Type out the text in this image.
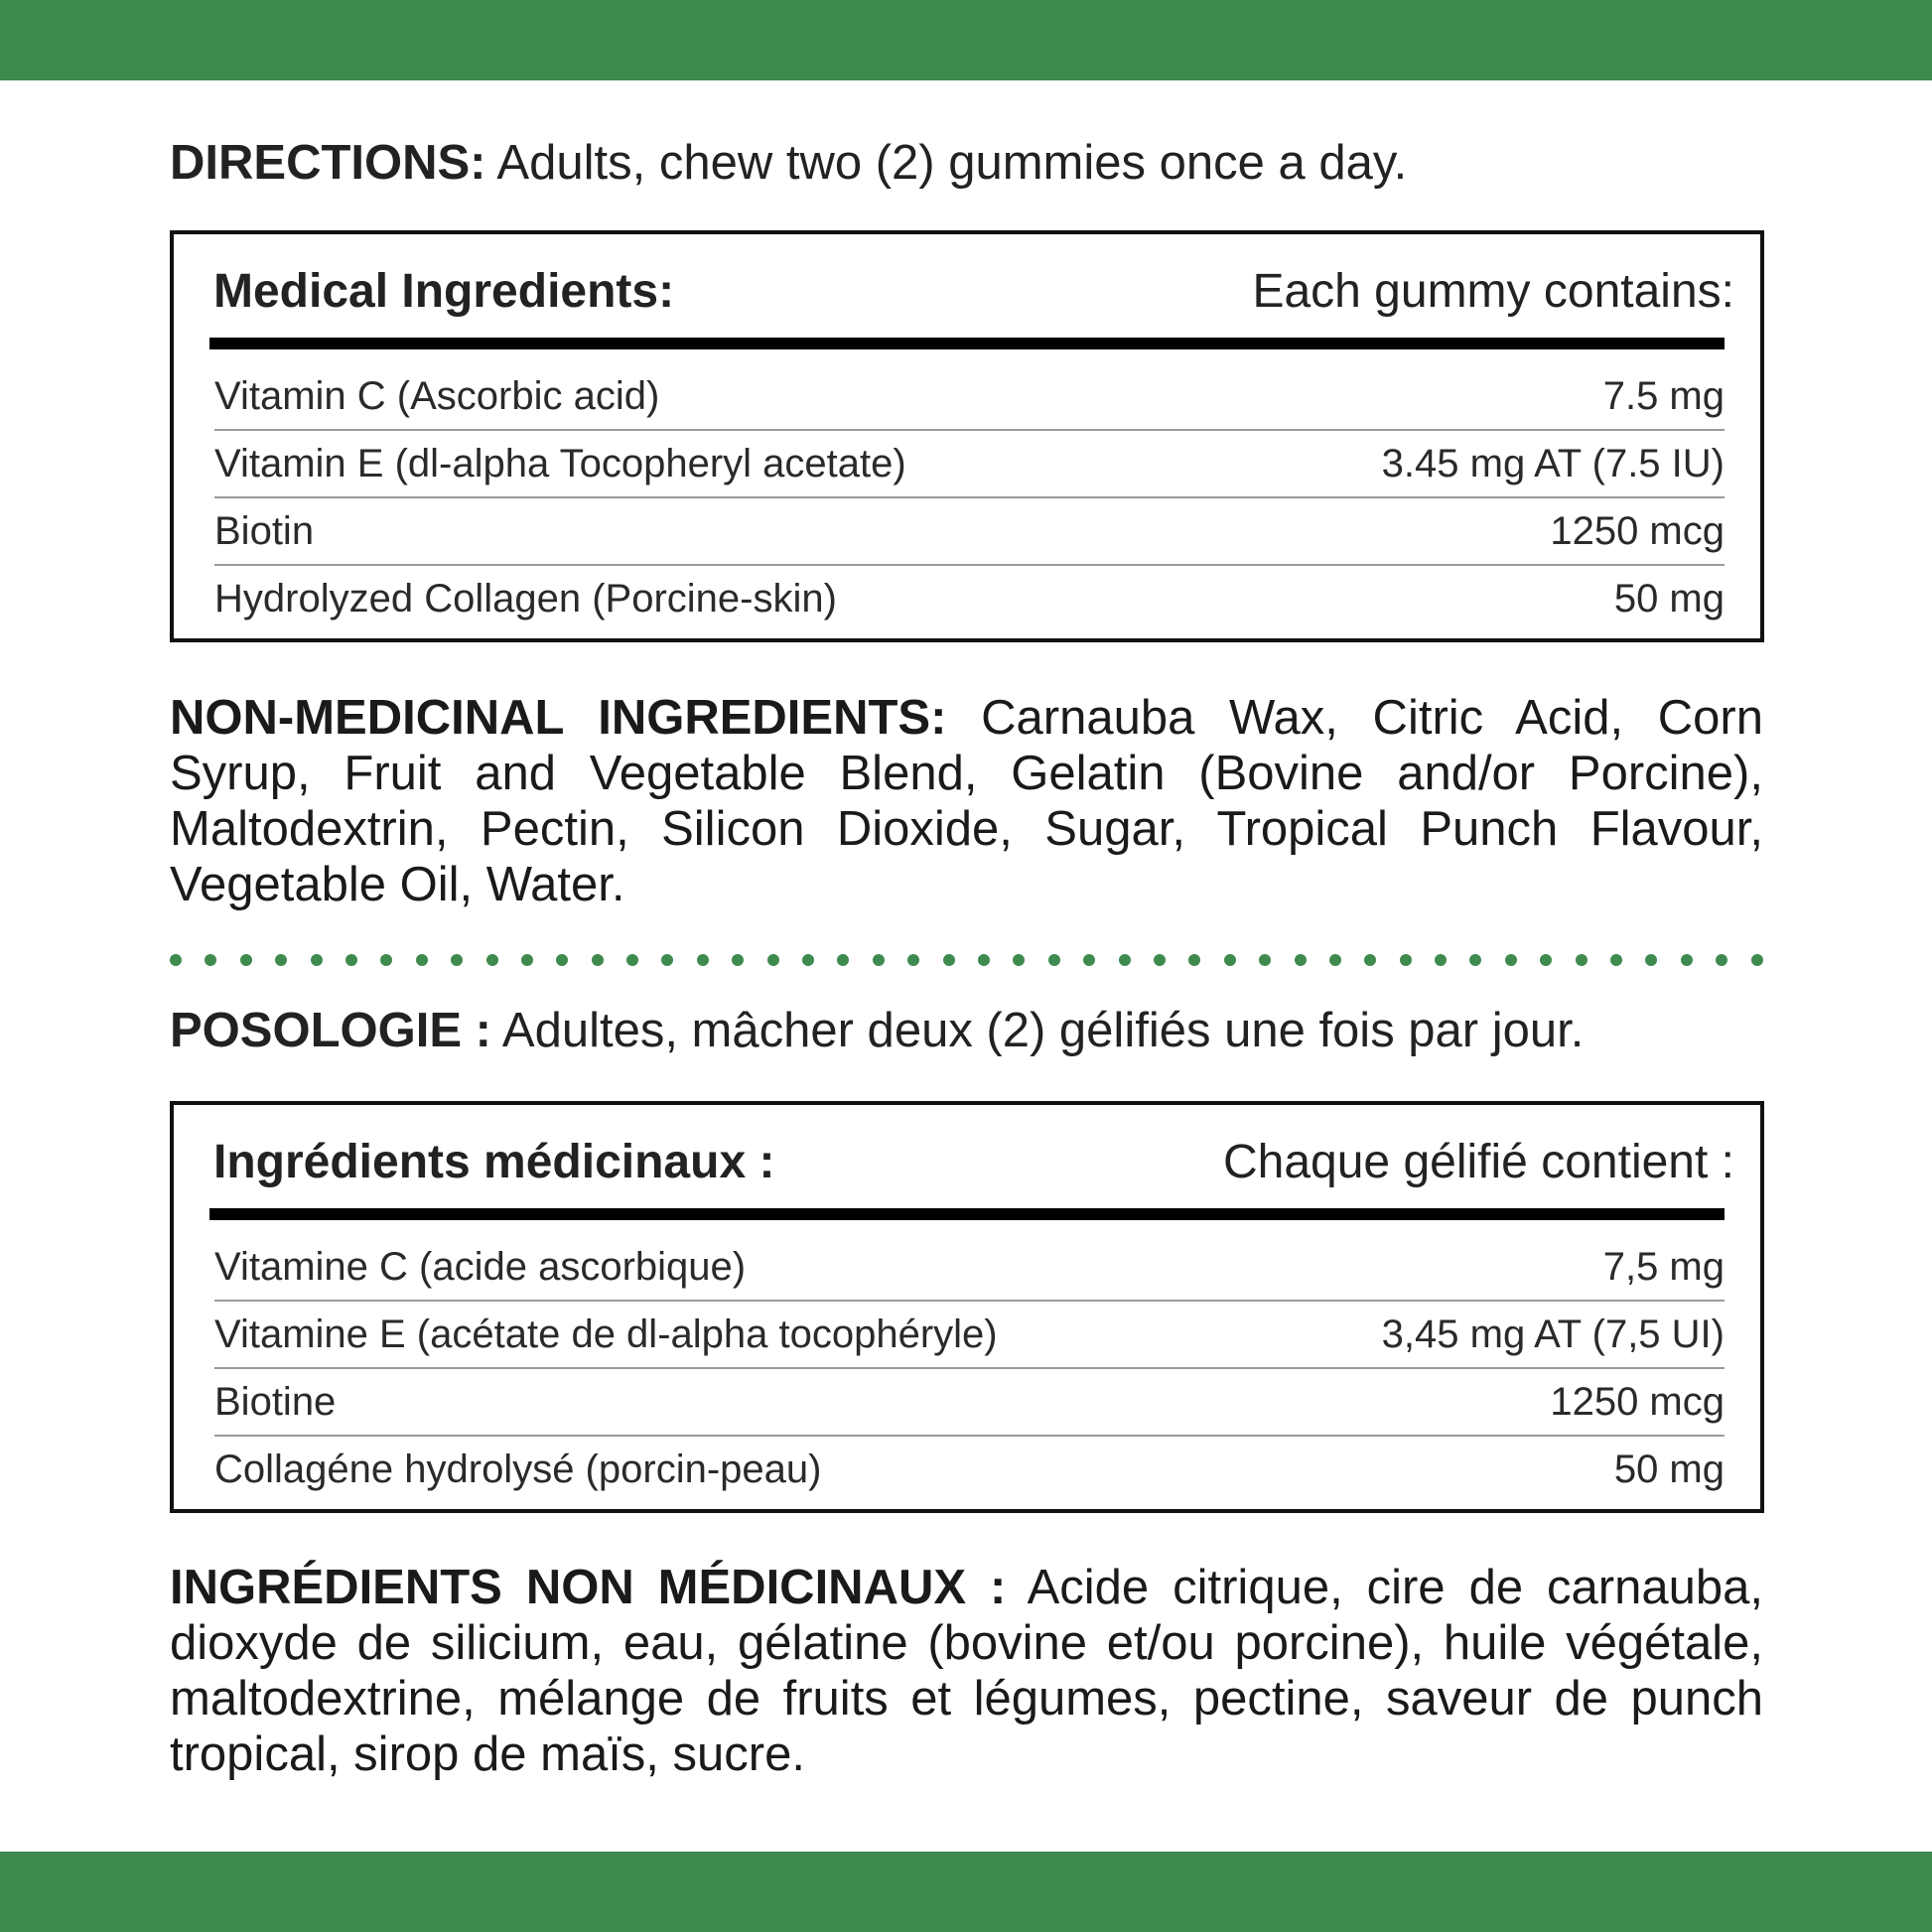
DIRECTIONS: Adults, chew two (2) gummies once a day.
Medical Ingredients:	Each gummy contains:
Vitamin C (Ascorbic acid)	7.5 mg
Vitamin E (dl-alpha Tocopheryl acetate)	3.45 mg AT (7.5 IU)
Biotin	1250 mcg
Hydrolyzed Collagen (Porcine-skin)	50 mg
NON-MEDICINAL INGREDIENTS: Carnauba Wax, Citric Acid, Corn Syrup, Fruit and Vegetable Blend, Gelatin (Bovine and/or Porcine), Maltodextrin, Pectin, Silicon Dioxide, Sugar, Tropical Punch Flavour, Vegetable Oil, Water.
POSOLOGIE : Adultes, mâcher deux (2) gélifiés une fois par jour.
Ingrédients médicinaux :	Chaque gélifié contient :
Vitamine C (acide ascorbique)	7,5 mg
Vitamine E (acétate de dl-alpha tocophéryle)	3,45 mg AT (7,5 UI)
Biotine	1250 mcg
Collagéne hydrolysé (porcin-peau)	50 mg
INGRÉDIENTS NON MÉDICINAUX : Acide citrique, cire de carnauba, dioxyde de silicium, eau, gélatine (bovine et/ou porcine), huile végétale, maltodextrine, mélange de fruits et légumes, pectine, saveur de punch tropical, sirop de maïs, sucre.
